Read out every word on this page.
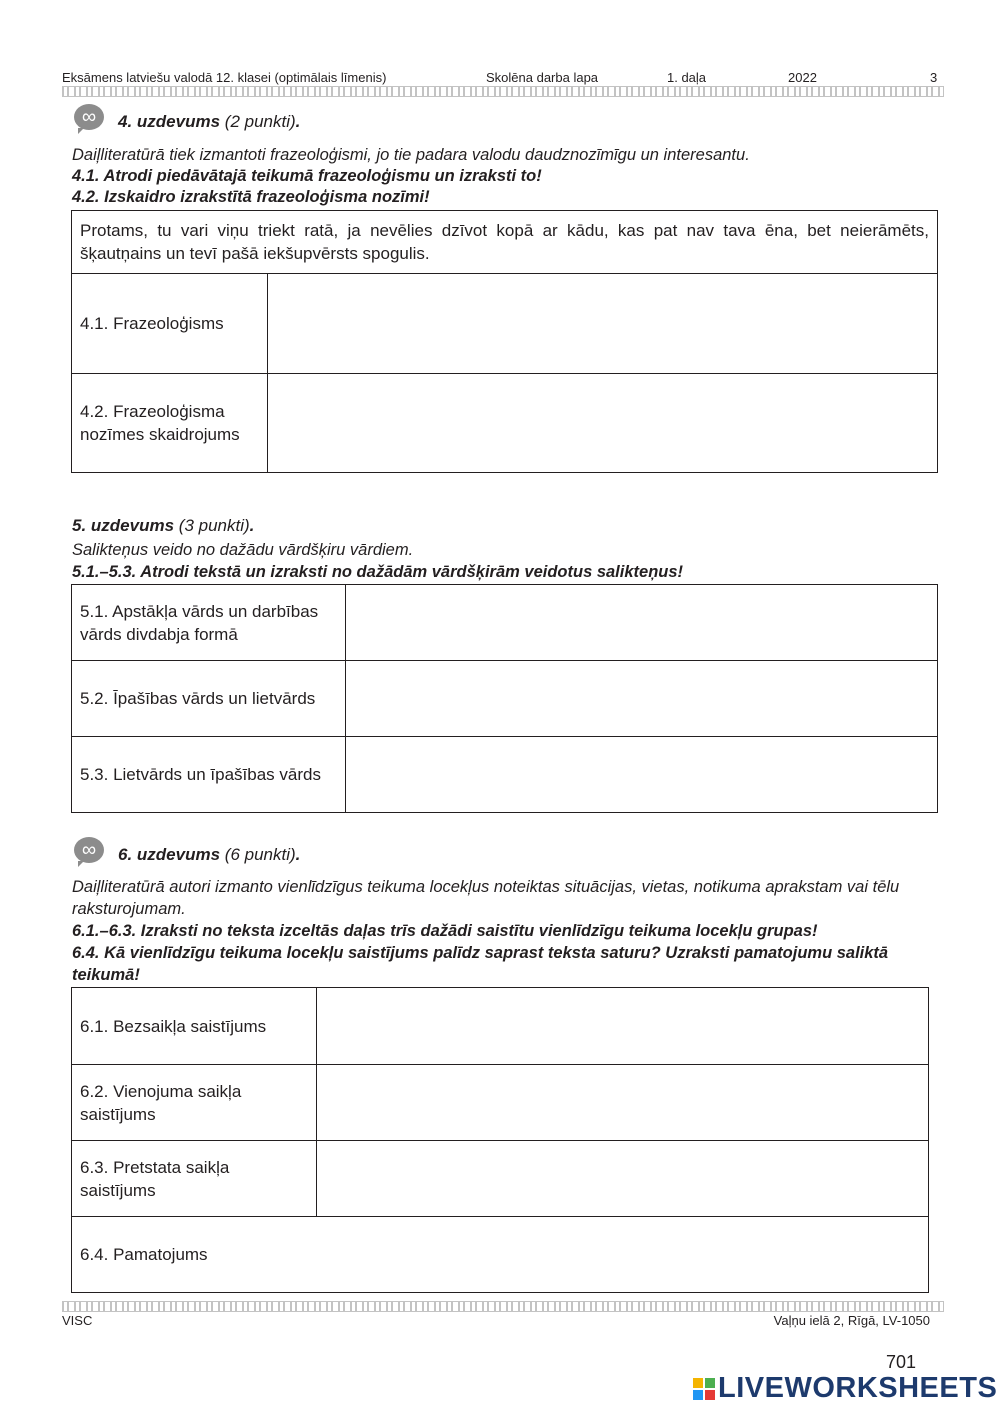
Eksāmens latviešu valodā 12. klasei (optimālais līmenis)	Skolēna darba lapa	1. daļa	2022	3
∞	4. uzdevums (2 punkti).
Daiļliteratūrā tiek izmantoti frazeoloģismi, jo tie padara valodu daudznozīmīgu un interesantu.
4.1. Atrodi piedāvātajā teikumā frazeoloģismu un izraksti to!
4.2. Izskaidro izrakstītā frazeoloģisma nozīmi!
Protams, tu vari viņu triekt ratā, ja nevēlies dzīvot kopā ar kādu, kas pat nav tava ēna, bet neierāmēts, šķautņains un tevī pašā iekšupvērsts spogulis.	
4.1. Frazeoloģisms	
4.2. Frazeoloģisma nozīmes skaidrojums	
5. uzdevums (3 punkti).
Salikteņus veido no dažādu vārdšķiru vārdiem.
5.1.–5.3. Atrodi tekstā un izraksti no dažādām vārdšķirām veidotus salikteņus!
5.1. Apstākļa vārds un darbības vārds divdabja formā	
5.2. Īpašības vārds un lietvārds	
5.3. Lietvārds un īpašības vārds	
∞	6. uzdevums (6 punkti).
Daiļliteratūrā autori izmanto vienlīdzīgus teikuma locekļus noteiktas situācijas, vietas, notikuma aprakstam vai tēlu raksturojumam.
6.1.–6.3. Izraksti no teksta izceltās daļas trīs dažādi saistītu vienlīdzīgu teikuma locekļu grupas!
6.4. Kā vienlīdzīgu teikuma locekļu saistījums palīdz saprast teksta saturu? Uzraksti pamatojumu saliktā teikumā!
6.1. Bezsaikļa saistījums	
6.2. Vienojuma saikļa saistījums	
6.3. Pretstata saikļa saistījums	
6.4. Pamatojums	
VISC	Vaļņu ielā 2, Rīgā, LV-1050
701
LIVEWORKSHEETS
